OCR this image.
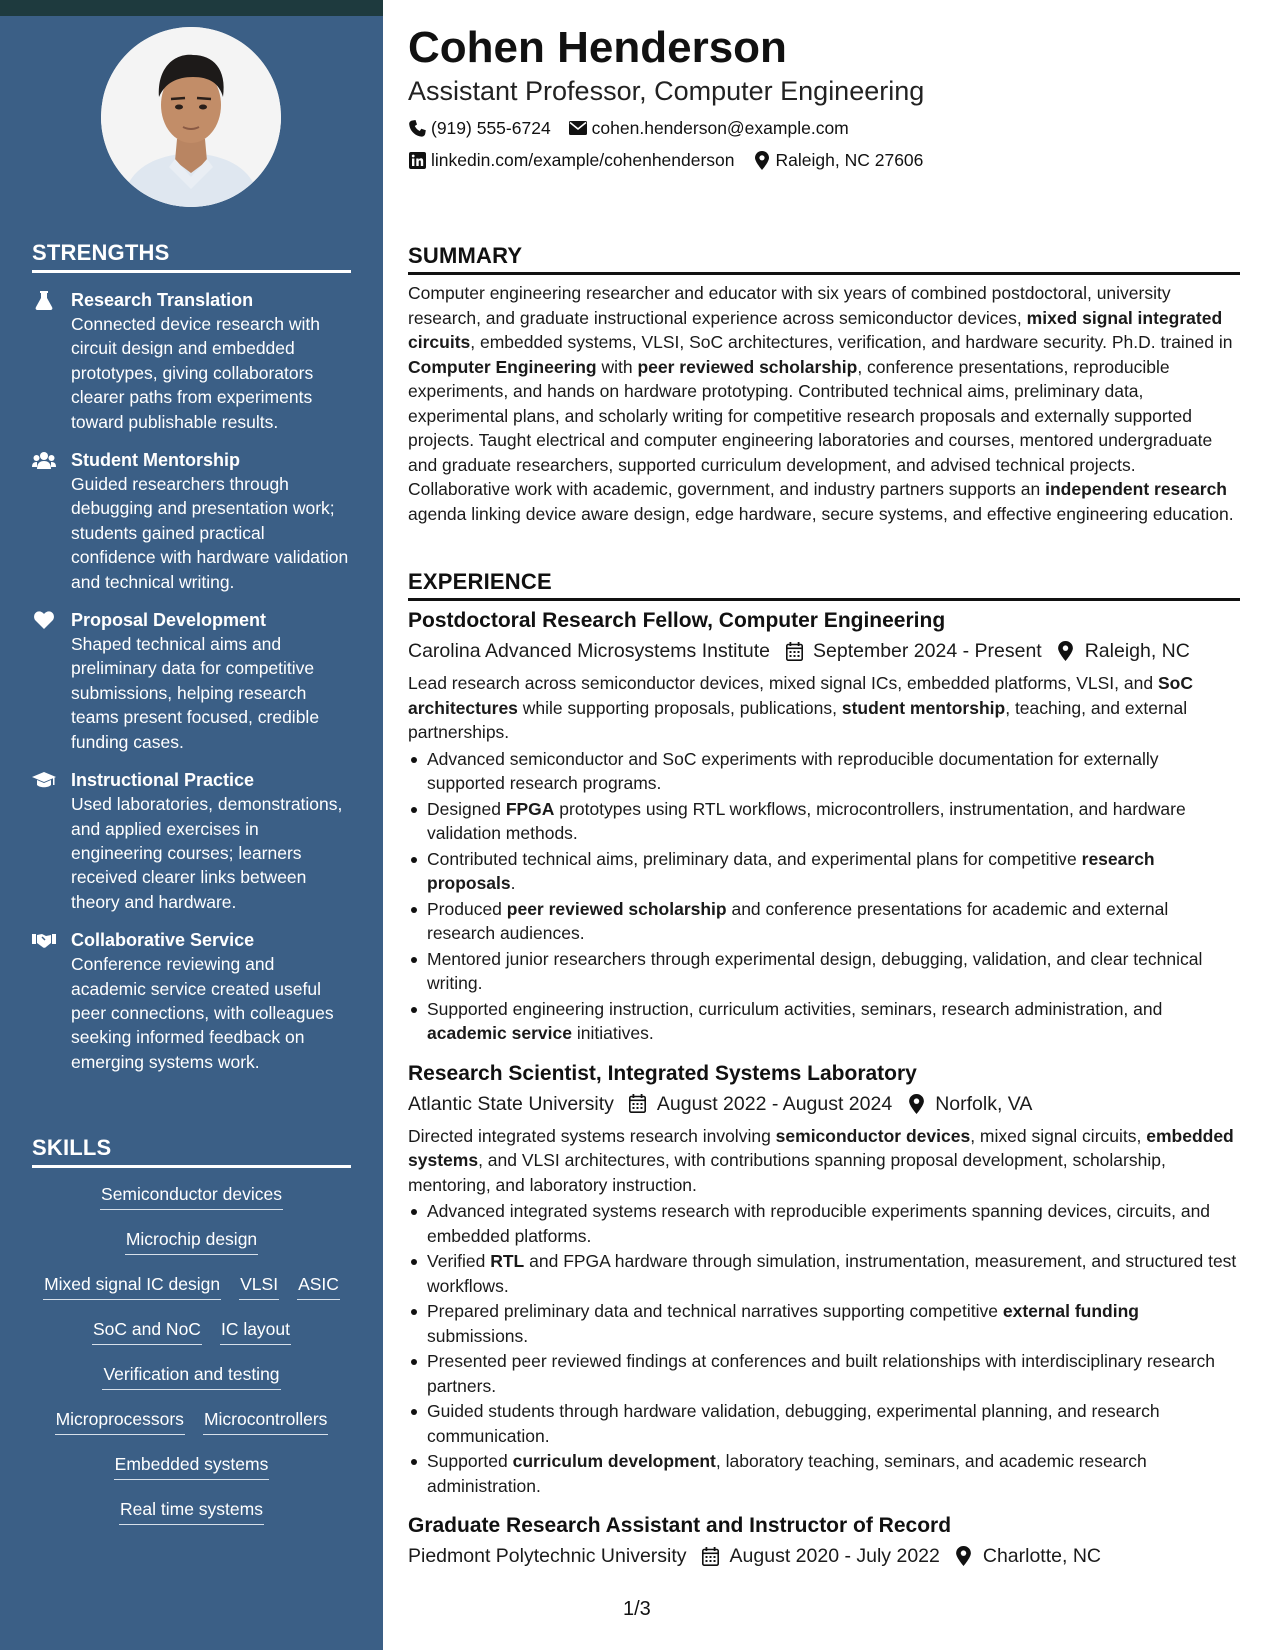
STRENGTHS
Research Translation
Connected device research with circuit design and embedded prototypes, giving collaborators clearer paths from experiments toward publishable results.
Student Mentorship
Guided researchers through debugging and presentation work; students gained practical confidence with hardware validation and technical writing.
Proposal Development
Shaped technical aims and preliminary data for competitive submissions, helping research teams present focused, credible funding cases.
Instructional Practice
Used laboratories, demonstrations, and applied exercises in engineering courses; learners received clearer links between theory and hardware.
Collaborative Service
Conference reviewing and academic service created useful peer connections, with colleagues seeking informed feedback on emerging systems work.
SKILLS
Semiconductor devices
Microchip design
Mixed signal IC design VLSI ASIC
SoC and NoC IC layout
Verification and testing
Microprocessors Microcontrollers
Embedded systems
Real time systems
Cohen Henderson
Assistant Professor, Computer Engineering
(919) 555-6724 cohen.henderson@example.com
linkedin.com/example/cohenhenderson Raleigh, NC 27606
SUMMARY
Computer engineering researcher and educator with six years of combined postdoctoral, university research, and graduate instructional experience across semiconductor devices, mixed signal integrated circuits, embedded systems, VLSI, SoC architectures, verification, and hardware security. Ph.D. trained in Computer Engineering with peer reviewed scholarship, conference presentations, reproducible experiments, and hands on hardware prototyping. Contributed technical aims, preliminary data, experimental plans, and scholarly writing for competitive research proposals and externally supported projects. Taught electrical and computer engineering laboratories and courses, mentored undergraduate and graduate researchers, supported curriculum development, and advised technical projects. Collaborative work with academic, government, and industry partners supports an independent research agenda linking device aware design, edge hardware, secure systems, and effective engineering education.
EXPERIENCE
Postdoctoral Research Fellow, Computer Engineering
Carolina Advanced Microsystems Institute September 2024 - Present Raleigh, NC
Lead research across semiconductor devices, mixed signal ICs, embedded platforms, VLSI, and SoC architectures while supporting proposals, publications, student mentorship, teaching, and external partnerships.
Advanced semiconductor and SoC experiments with reproducible documentation for externally supported research programs.
Designed FPGA prototypes using RTL workflows, microcontrollers, instrumentation, and hardware validation methods.
Contributed technical aims, preliminary data, and experimental plans for competitive research proposals.
Produced peer reviewed scholarship and conference presentations for academic and external research audiences.
Mentored junior researchers through experimental design, debugging, validation, and clear technical writing.
Supported engineering instruction, curriculum activities, seminars, research administration, and academic service initiatives.
Research Scientist, Integrated Systems Laboratory
Atlantic State University August 2022 - August 2024 Norfolk, VA
Directed integrated systems research involving semiconductor devices, mixed signal circuits, embedded systems, and VLSI architectures, with contributions spanning proposal development, scholarship, mentoring, and laboratory instruction.
Advanced integrated systems research with reproducible experiments spanning devices, circuits, and embedded platforms.
Verified RTL and FPGA hardware through simulation, instrumentation, measurement, and structured test workflows.
Prepared preliminary data and technical narratives supporting competitive external funding submissions.
Presented peer reviewed findings at conferences and built relationships with interdisciplinary research partners.
Guided students through hardware validation, debugging, experimental planning, and research communication.
Supported curriculum development, laboratory teaching, seminars, and academic research administration.
Graduate Research Assistant and Instructor of Record
Piedmont Polytechnic University August 2020 - July 2022 Charlotte, NC
1/3
